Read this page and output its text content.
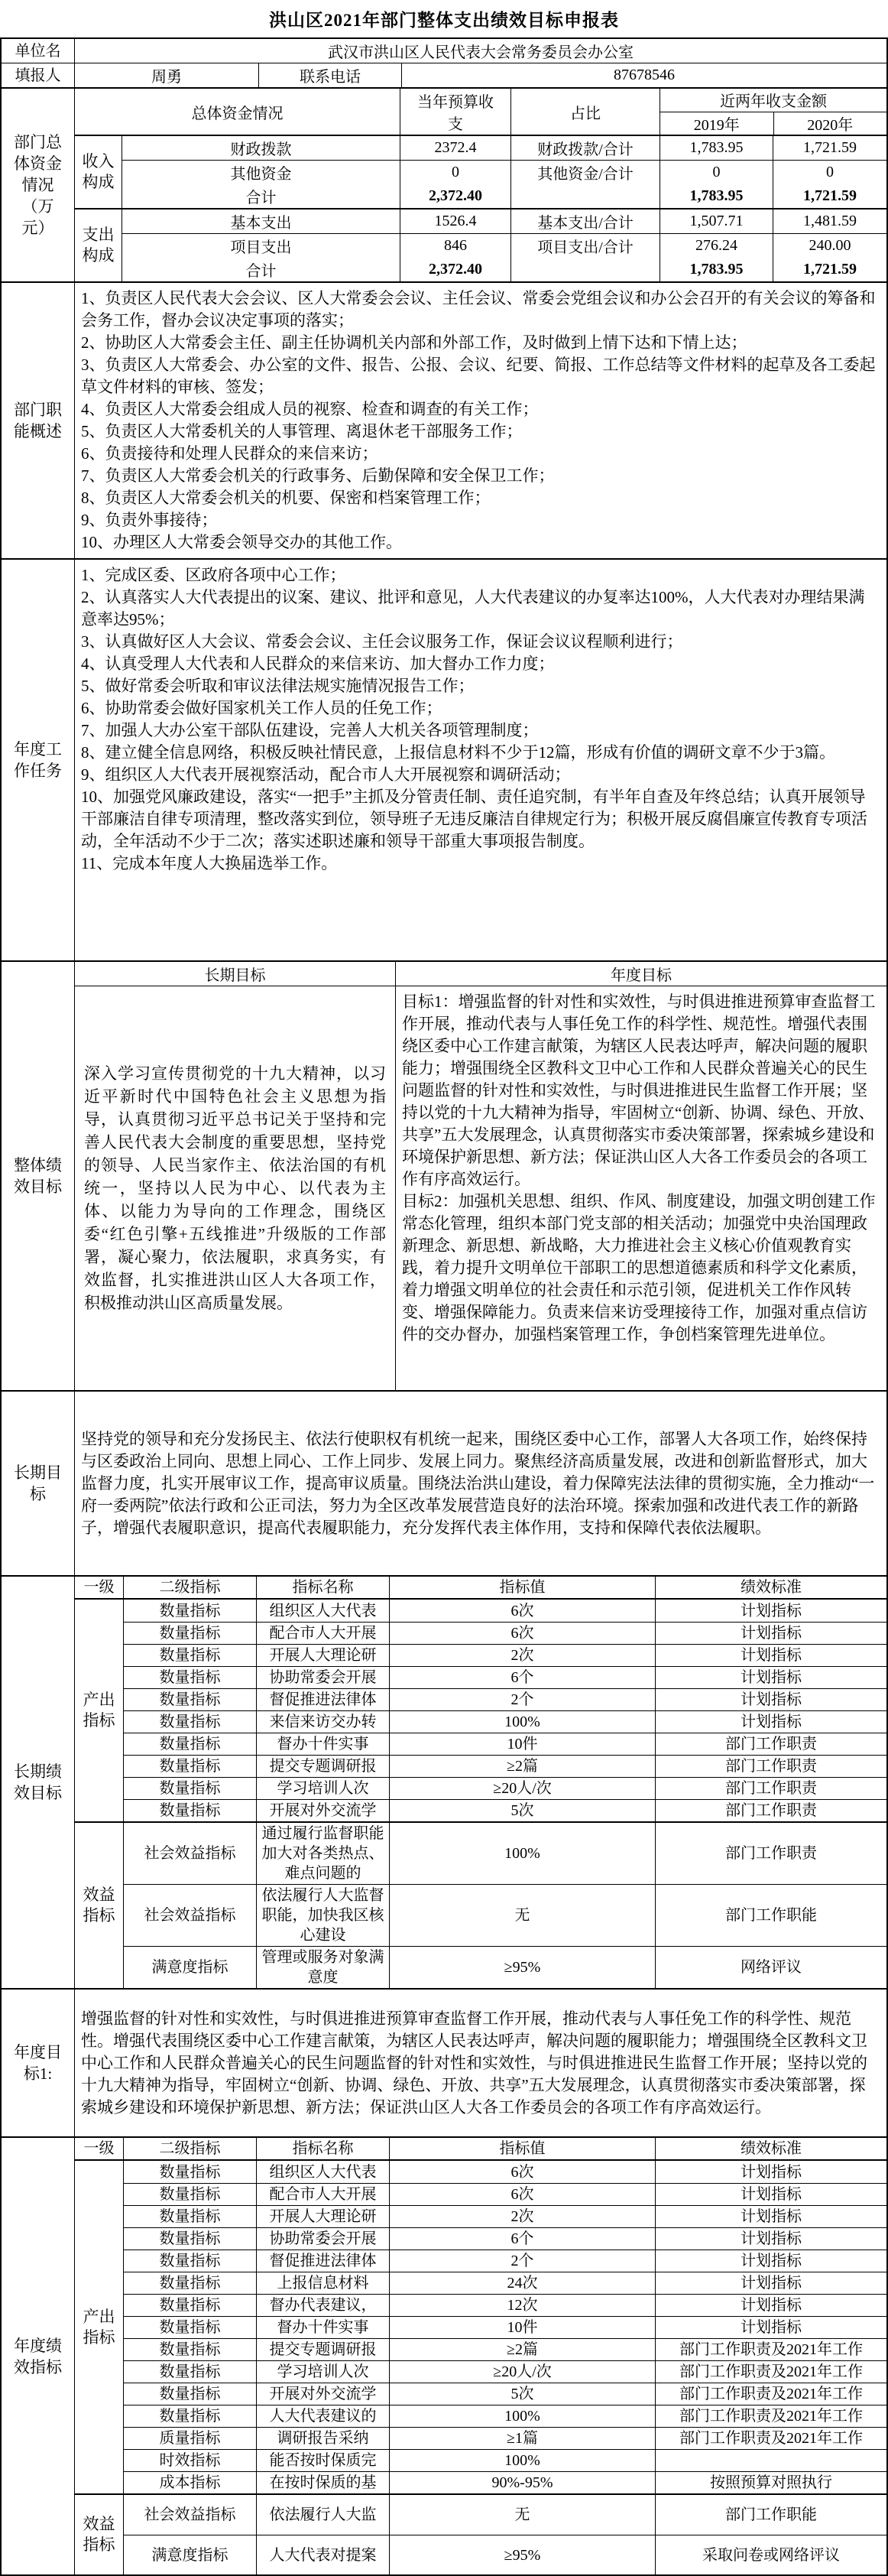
洪山区2021年部门整体支出绩效目标申报表
单位名	武汉市洪山区人民代表大会常务委员会办公室
填报人	周勇	联系电话	87678546
部门总体资金情况（万元）
总体资金情况
当年预算收支
占比
近两年收支金额
2019年	2020年
收入构成
财政拨款	2372.4	财政拨款/合计	1,783.95	1,721.59
其他资金	0	其他资金/合计	0	0
合计	2,372.40	1,783.95	1,721.59
支出构成
基本支出	1526.4	基本支出/合计	1,507.71	1,481.59
项目支出	846	项目支出/合计	276.24	240.00
合计	2,372.40	1,783.95	1,721.59
部门职能概述
1、负责区人民代表大会会议、区人大常委会会议、主任会议、常委会党组会议和办公会召开的有关会议的筹备和会务工作，督办会议决定事项的落实；
2、协助区人大常委会主任、副主任协调机关内部和外部工作，及时做到上情下达和下情上达；
3、负责区人大常委会、办公室的文件、报告、公报、会议、纪要、简报、工作总结等文件材料的起草及各工委起草文件材料的审核、签发；
4、负责区人大常委会组成人员的视察、检查和调查的有关工作；
5、负责区人大常委机关的人事管理、离退休老干部服务工作；
6、负责接待和处理人民群众的来信来访；
7、负责区人大常委会机关的行政事务、后勤保障和安全保卫工作；
8、负责区人大常委会机关的机要、保密和档案管理工作；
9、负责外事接待；
10、办理区人大常委会领导交办的其他工作。
年度工作任务
1、完成区委、区政府各项中心工作；
2、认真落实人大代表提出的议案、建议、批评和意见，人大代表建议的办复率达100%，人大代表对办理结果满意率达95%；
3、认真做好区人大会议、常委会会议、主任会议服务工作，保证会议议程顺利进行；
4、认真受理人大代表和人民群众的来信来访、加大督办工作力度；
5、做好常委会听取和审议法律法规实施情况报告工作；
6、协助常委会做好国家机关工作人员的任免工作；
7、加强人大办公室干部队伍建设，完善人大机关各项管理制度；
8、建立健全信息网络，积极反映社情民意，上报信息材料不少于12篇，形成有价值的调研文章不少于3篇。
9、组织区人大代表开展视察活动，配合市人大开展视察和调研活动；
10、加强党风廉政建设，落实“一把手”主抓及分管责任制、责任追究制，有半年自查及年终总结；认真开展领导干部廉洁自律专项清理，整改落实到位，领导班子无违反廉洁自律规定行为；积极开展反腐倡廉宣传教育专项活动，全年活动不少于二次；落实述职述廉和领导干部重大事项报告制度。
11、完成本年度人大换届选举工作。
整体绩效目标
长期目标	年度目标
深入学习宣传贯彻党的十九大精神，以习近平新时代中国特色社会主义思想为指导，认真贯彻习近平总书记关于坚持和完善人民代表大会制度的重要思想，坚持党的领导、人民当家作主、依法治国的有机统一，坚持以人民为中心、以代表为主体、以能力为导向的工作理念，围绕区委“红色引擎+五线推进”升级版的工作部署，凝心聚力，依法履职，求真务实，有效监督，扎实推进洪山区人大各项工作，积极推动洪山区高质量发展。
目标1：增强监督的针对性和实效性，与时俱进推进预算审查监督工作开展，推动代表与人事任免工作的科学性、规范性。增强代表围绕区委中心工作建言献策，为辖区人民表达呼声，解决问题的履职能力；增强围绕全区教科文卫中心工作和人民群众普遍关心的民生问题监督的针对性和实效性，与时俱进推进民生监督工作开展；坚持以党的十九大精神为指导，牢固树立“创新、协调、绿色、开放、共享”五大发展理念，认真贯彻落实市委决策部署，探索城乡建设和环境保护新思想、新方法；保证洪山区人大各工作委员会的各项工作有序高效运行。
目标2：加强机关思想、组织、作风、制度建设，加强文明创建工作常态化管理，组织本部门党支部的相关活动；加强党中央治国理政新理念、新思想、新战略，大力推进社会主义核心价值观教育实践，着力提升文明单位干部职工的思想道德素质和科学文化素质，着力增强文明单位的社会责任和示范引领，促进机关工作作风转变、增强保障能力。负责来信来访受理接待工作，加强对重点信访件的交办督办，加强档案管理工作，争创档案管理先进单位。
长期目标
坚持党的领导和充分发扬民主、依法行使职权有机统一起来，围绕区委中心工作，部署人大各项工作，始终保持与区委政治上同向、思想上同心、工作上同步、发展上同力。聚焦经济高质量发展，改进和创新监督形式，加大监督力度，扎实开展审议工作，提高审议质量。围绕法治洪山建设，着力保障宪法法律的贯彻实施，全力推动“一府一委两院”依法行政和公正司法，努力为全区改革发展营造良好的法治环境。探索加强和改进代表工作的新路子，增强代表履职意识，提高代表履职能力，充分发挥代表主体作用，支持和保障代表依法履职。
长期绩效目标
一级	二级指标	指标名称	指标值	绩效标准
产出指标
数量指标	组织区人大代表	6次	计划指标
数量指标	配合市人大开展	6次	计划指标
数量指标	开展人大理论研	2次	计划指标
数量指标	协助常委会开展	6个	计划指标
数量指标	督促推进法律体	2个	计划指标
数量指标	来信来访交办转	100%	计划指标
数量指标	督办十件实事	10件	部门工作职责
数量指标	提交专题调研报	≥2篇	部门工作职责
数量指标	学习培训人次	≥20人/次	部门工作职责
数量指标	开展对外交流学	5次	部门工作职责
效益指标
社会效益指标
通过履行监督职能加大对各类热点、难点问题的
100%	部门工作职责
社会效益指标
依法履行人大监督职能，加快我区核心建设
无	部门工作职能
满意度指标
管理或服务对象满意度
≥95%	网络评议
年度目标1:
增强监督的针对性和实效性，与时俱进推进预算审查监督工作开展，推动代表与人事任免工作的科学性、规范性。增强代表围绕区委中心工作建言献策，为辖区人民表达呼声，解决问题的履职能力；增强围绕全区教科文卫中心工作和人民群众普遍关心的民生问题监督的针对性和实效性，与时俱进推进民生监督工作开展；坚持以党的十九大精神为指导，牢固树立“创新、协调、绿色、开放、共享”五大发展理念，认真贯彻落实市委决策部署，探索城乡建设和环境保护新思想、新方法；保证洪山区人大各工作委员会的各项工作有序高效运行。
年度绩效指标
一级	二级指标	指标名称	指标值	绩效标准
产出指标
数量指标	组织区人大代表	6次	计划指标
数量指标	配合市人大开展	6次	计划指标
数量指标	开展人大理论研	2次	计划指标
数量指标	协助常委会开展	6个	计划指标
数量指标	督促推进法律体	2个	计划指标
数量指标	上报信息材料	24次	计划指标
数量指标	督办代表建议，	12次	计划指标
数量指标	督办十件实事	10件	计划指标
数量指标	提交专题调研报	≥2篇	部门工作职责及2021年工作
数量指标	学习培训人次	≥20人/次	部门工作职责及2021年工作
数量指标	开展对外交流学	5次	部门工作职责及2021年工作
数量指标	人大代表建议的	100%	部门工作职责及2021年工作
质量指标	调研报告采纳	≥1篇	部门工作职责及2021年工作
时效指标	能否按时保质完	100%
成本指标	在按时保质的基	90%-95%	按照预算对照执行
效益指标
社会效益指标	依法履行人大监	无	部门工作职能
满意度指标	人大代表对提案	≥95%	采取问卷或网络评议
